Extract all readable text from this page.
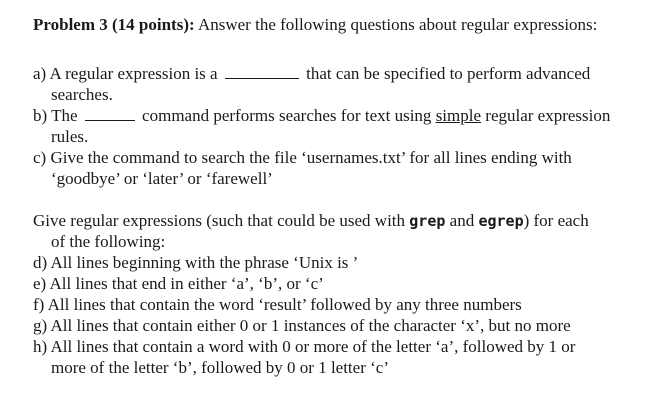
Problem 3 (14 points): Answer the following questions about regular expressions:
a) A regular expression is a	that can be specified to perform advanced
searches.
b) The	command performs searches for text using simple regular expression
rules.
c) Give the command to search the file ‘usernames.txt’ for all lines ending with
‘goodbye’ or ‘later’ or ‘farewell’
Give regular expressions (such that could be used with grep and egrep) for each
of the following:
d) All lines beginning with the phrase ‘Unix is ’
e) All lines that end in either ‘a’, ‘b’, or ‘c’
f) All lines that contain the word ‘result’ followed by any three numbers
g) All lines that contain either 0 or 1 instances of the character ‘x’, but no more
h) All lines that contain a word with 0 or more of the letter ‘a’, followed by 1 or
more of the letter ‘b’, followed by 0 or 1 letter ‘c’
